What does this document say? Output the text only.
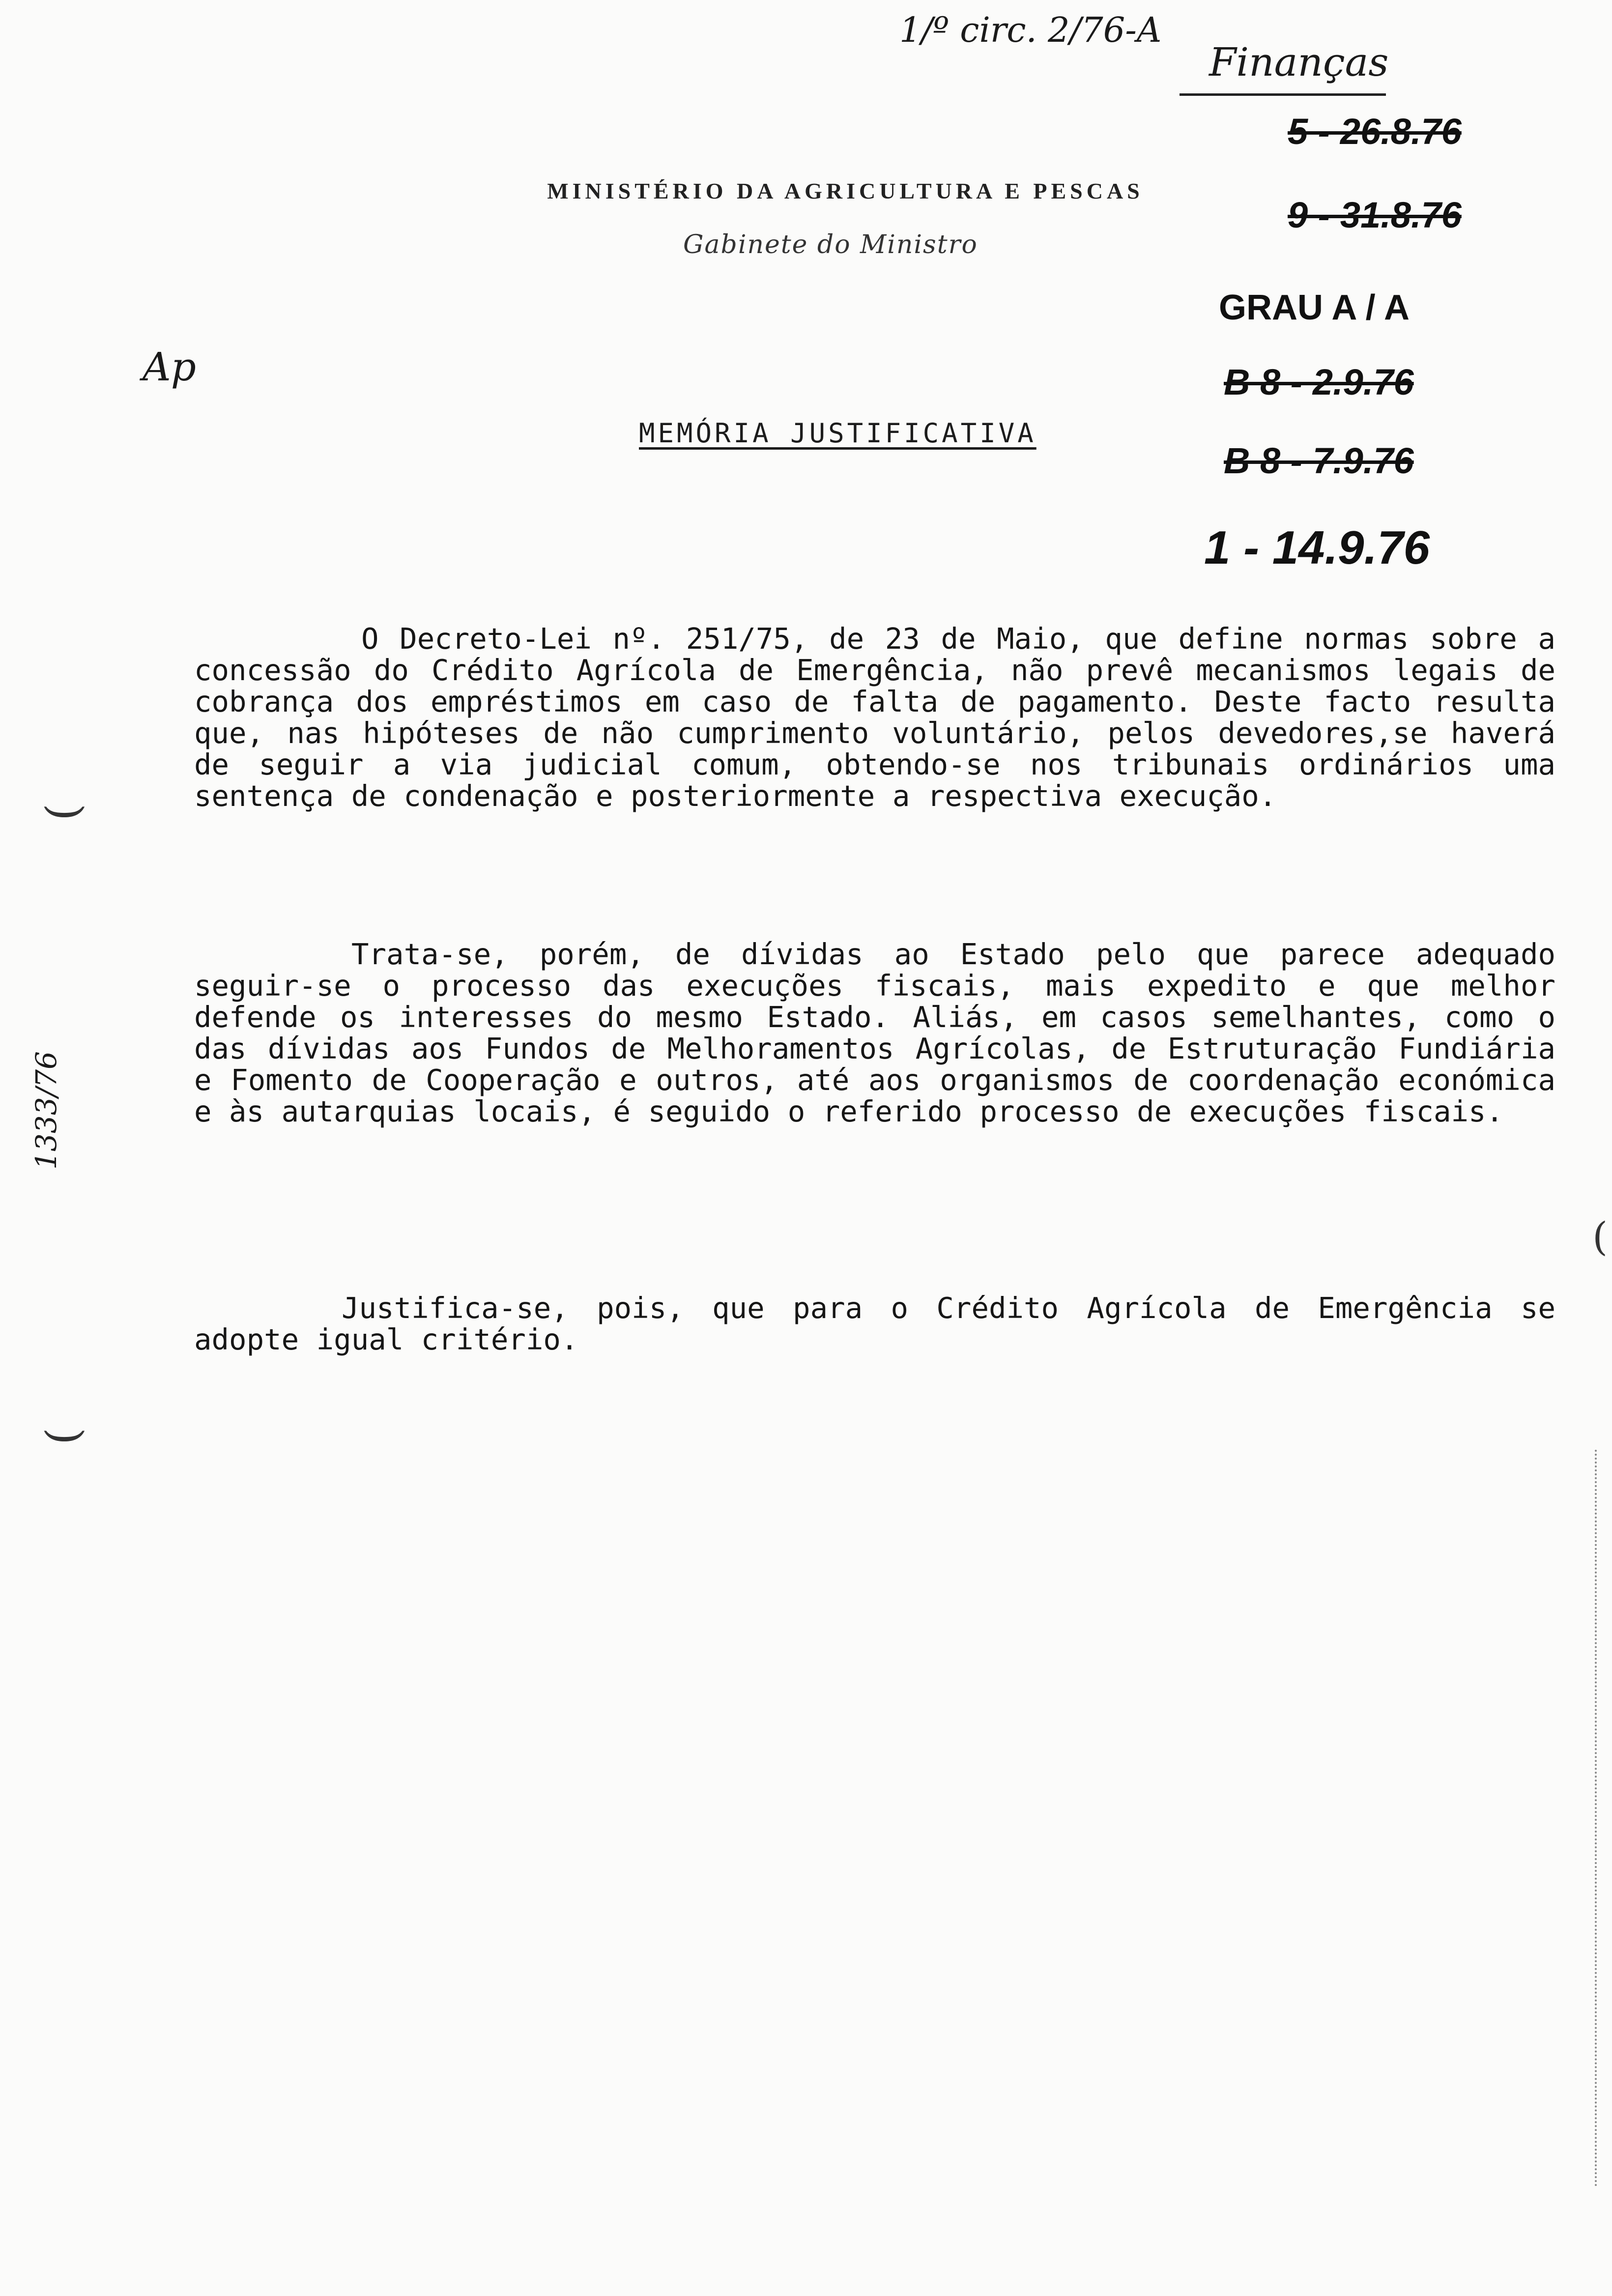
1/º circ. 2/76-A
Finanças
MINISTÉRIO DA AGRICULTURA E PESCAS
Gabinete do Ministro
5 - 26.8.76
9 - 31.8.76
GRAU A / A
B 8 - 2.9.76
B 8 - 7.9.76
1 - 14.9.76
Ap
1333/76
(
(
(
MEMÓRIA JUSTIFICATIVA
O Decreto-Lei nº. 251/75, de 23 de Maio, que define normas sobre a concessão do Crédito Agrícola de Emergência, não prevê mecanismos legais de cobrança dos empréstimos em caso de falta de pagamento. Deste facto resulta que, nas hipóteses de não cumprimento voluntário, pelos devedores,se haverá de seguir a via judicial comum, obtendo-se nos tribunais ordinários uma sentença de condenação e posteriormente a respectiva execução.
Trata-se, porém, de dívidas ao Estado pelo que parece adequado seguir-se o processo das execuções fiscais, mais expedito e que melhor defende os interesses do mesmo Estado. Aliás, em casos semelhantes, como o das dívidas aos Fundos de Melhoramentos Agrícolas, de Estruturação Fundiária e Fomento de Cooperação e outros, até aos organismos de coordenação económica e às autarquias locais, é seguido o referido processo de execuções fiscais.
Justifica-se, pois, que para o Crédito Agrícola de Emergência se adopte igual critério.
